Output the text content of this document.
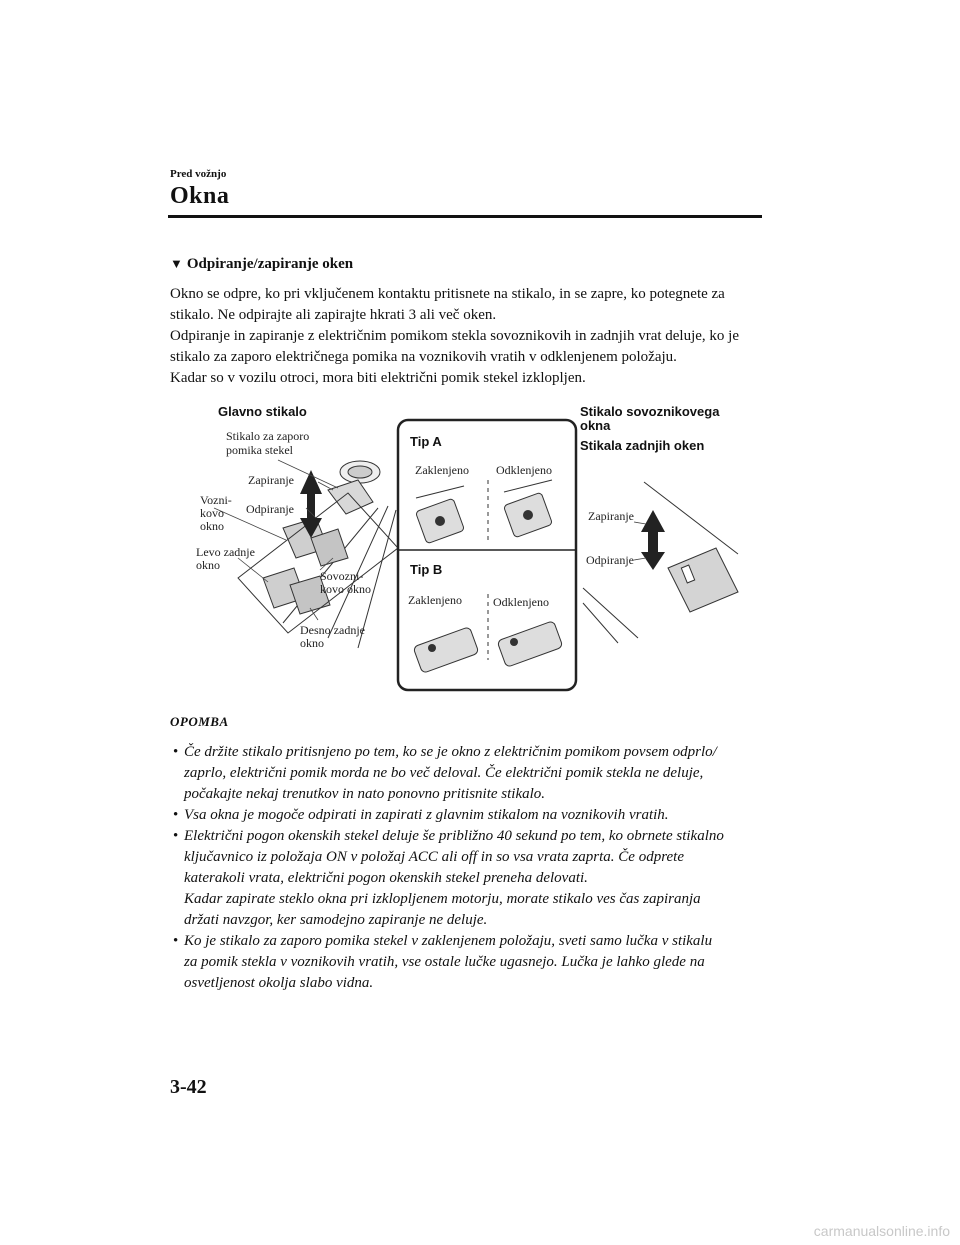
Pred vožnjo
Okna
▼ Odpiranje/zapiranje oken

Okno se odpre, ko pri vključenem kontaktu pritisnete na stikalo, in se zapre, ko potegnete za stikalo. Ne odpirajte ali zapirajte hkrati 3 ali več oken.

Odpiranje in zapiranje z električnim pomikom stekla sovoznikovih in zadnjih vrat deluje, ko je stikalo za zaporo električnega pomika na voznikovih vratih v odklenjenem položaju.

Kadar so v vozilu otroci, mora biti električni pomik stekel izklopljen.

Glavno stikalo
Stikalo za zaporo
pomika stekel
Zapiranje
Vozni-
kovo
okno
Odpiranje
Levo zadnje
okno
Sovozni-
kovo okno
Desno zadnje
okno
Tip A
Zaklenjeno Odklenjeno
Tip B
Zaklenjeno	Odklenjeno
Stikalo sovoznikovega
okna
Stikala zadnjih oken
Zapiranje
Odpiranje
OPOMBA
• Če držite stikalo pritisnjeno po tem, ko se je okno z električnim pomikom povsem odprlo/
zaprlo, električni pomik morda ne bo več deloval. Če električni pomik stekla ne deluje,
počakajte nekaj trenutkov in nato ponovno pritisnite stikalo.
• Vsa okna je mogoče odpirati in zapirati z glavnim stikalom na voznikovih vratih.
• Električni pogon okenskih stekel deluje še približno 40 sekund po tem, ko obrnete stikalno
ključavnico iz položaja ON v položaj ACC ali off in so vsa vrata zaprta. Če odprete
katerakoli vrata, električni pogon okenskih stekel preneha delovati.
Kadar zapirate steklo okna pri izklopljenem motorju, morate stikalo ves čas zapiranja
držati navzgor, ker samodejno zapiranje ne deluje.
• Ko je stikalo za zaporo pomika stekel v zaklenjenem položaju, sveti samo lučka v stikalu
za pomik stekla v voznikovih vratih, vse ostale lučke ugasnejo. Lučka je lahko glede na
osvetljenost okolja slabo vidna.
3-42
carmanualsonline.info
